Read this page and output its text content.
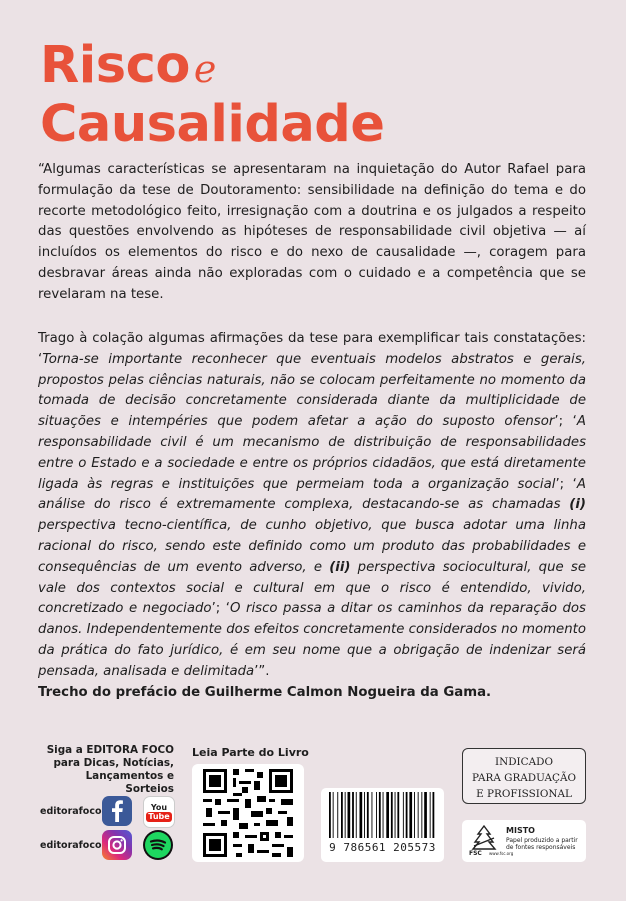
Risco e
Causalidade

“Algumas características se apresentaram na inquietação do Autor Rafael para formulação da tese de Doutoramento: sensibilidade na definição do tema e do recorte metodológico feito, irresignação com a doutrina e os julgados a respeito das questões envolvendo as hipóteses de responsabilidade civil objetiva — aí incluídos os elementos do risco e do nexo de causalidade —, coragem para desbravar áreas ainda não exploradas com o cuidado e a competência que se revelaram na tese.

Trago à colação algumas afirmações da tese para exemplificar tais constatações: ‘Torna-se importante reconhecer que eventuais modelos abstratos e gerais, propostos pelas ciências naturais, não se colocam perfeitamente no momento da tomada de decisão concretamente considerada diante da multiplicidade de situações e intempéries que podem afetar a ação do suposto ofensor’; ‘A responsabilidade civil é um mecanismo de distribuição de responsabilidades entre o Estado e a sociedade e entre os próprios cidadãos, que está diretamente ligada às regras e instituições que permeiam toda a organização social’; ‘A análise do risco é extremamente complexa, destacando-se as chamadas (i) perspectiva tecno-científica, de cunho objetivo, que busca adotar uma linha racional do risco, sendo este definido como um produto das probabilidades e consequências de um evento adverso, e (ii) perspectiva sociocultural, que se vale dos contextos social e cultural em que o risco é entendido, vivido, concretizado e negociado’; ‘O risco passa a ditar os caminhos da reparação dos danos. Independentemente dos efeitos concretamente considerados no momento da prática do fato jurídico, é em seu nome que a obrigação de indenizar será pensada, analisada e delimitada’”.

Trecho do prefácio de Guilherme Calmon Nogueira da Gama.

Siga a EDITORA FOCO para Dicas, Notícias, Lançamentos e Sorteios
editorafoco
editorafoco
You
Tube
Leia Parte do Livro
9 786561 205573
INDICADO
PARA GRADUAÇÃO
E PROFISSIONAL
FSC www.fsc.org
MISTO
Papel produzido a partir de fontes responsáveis
